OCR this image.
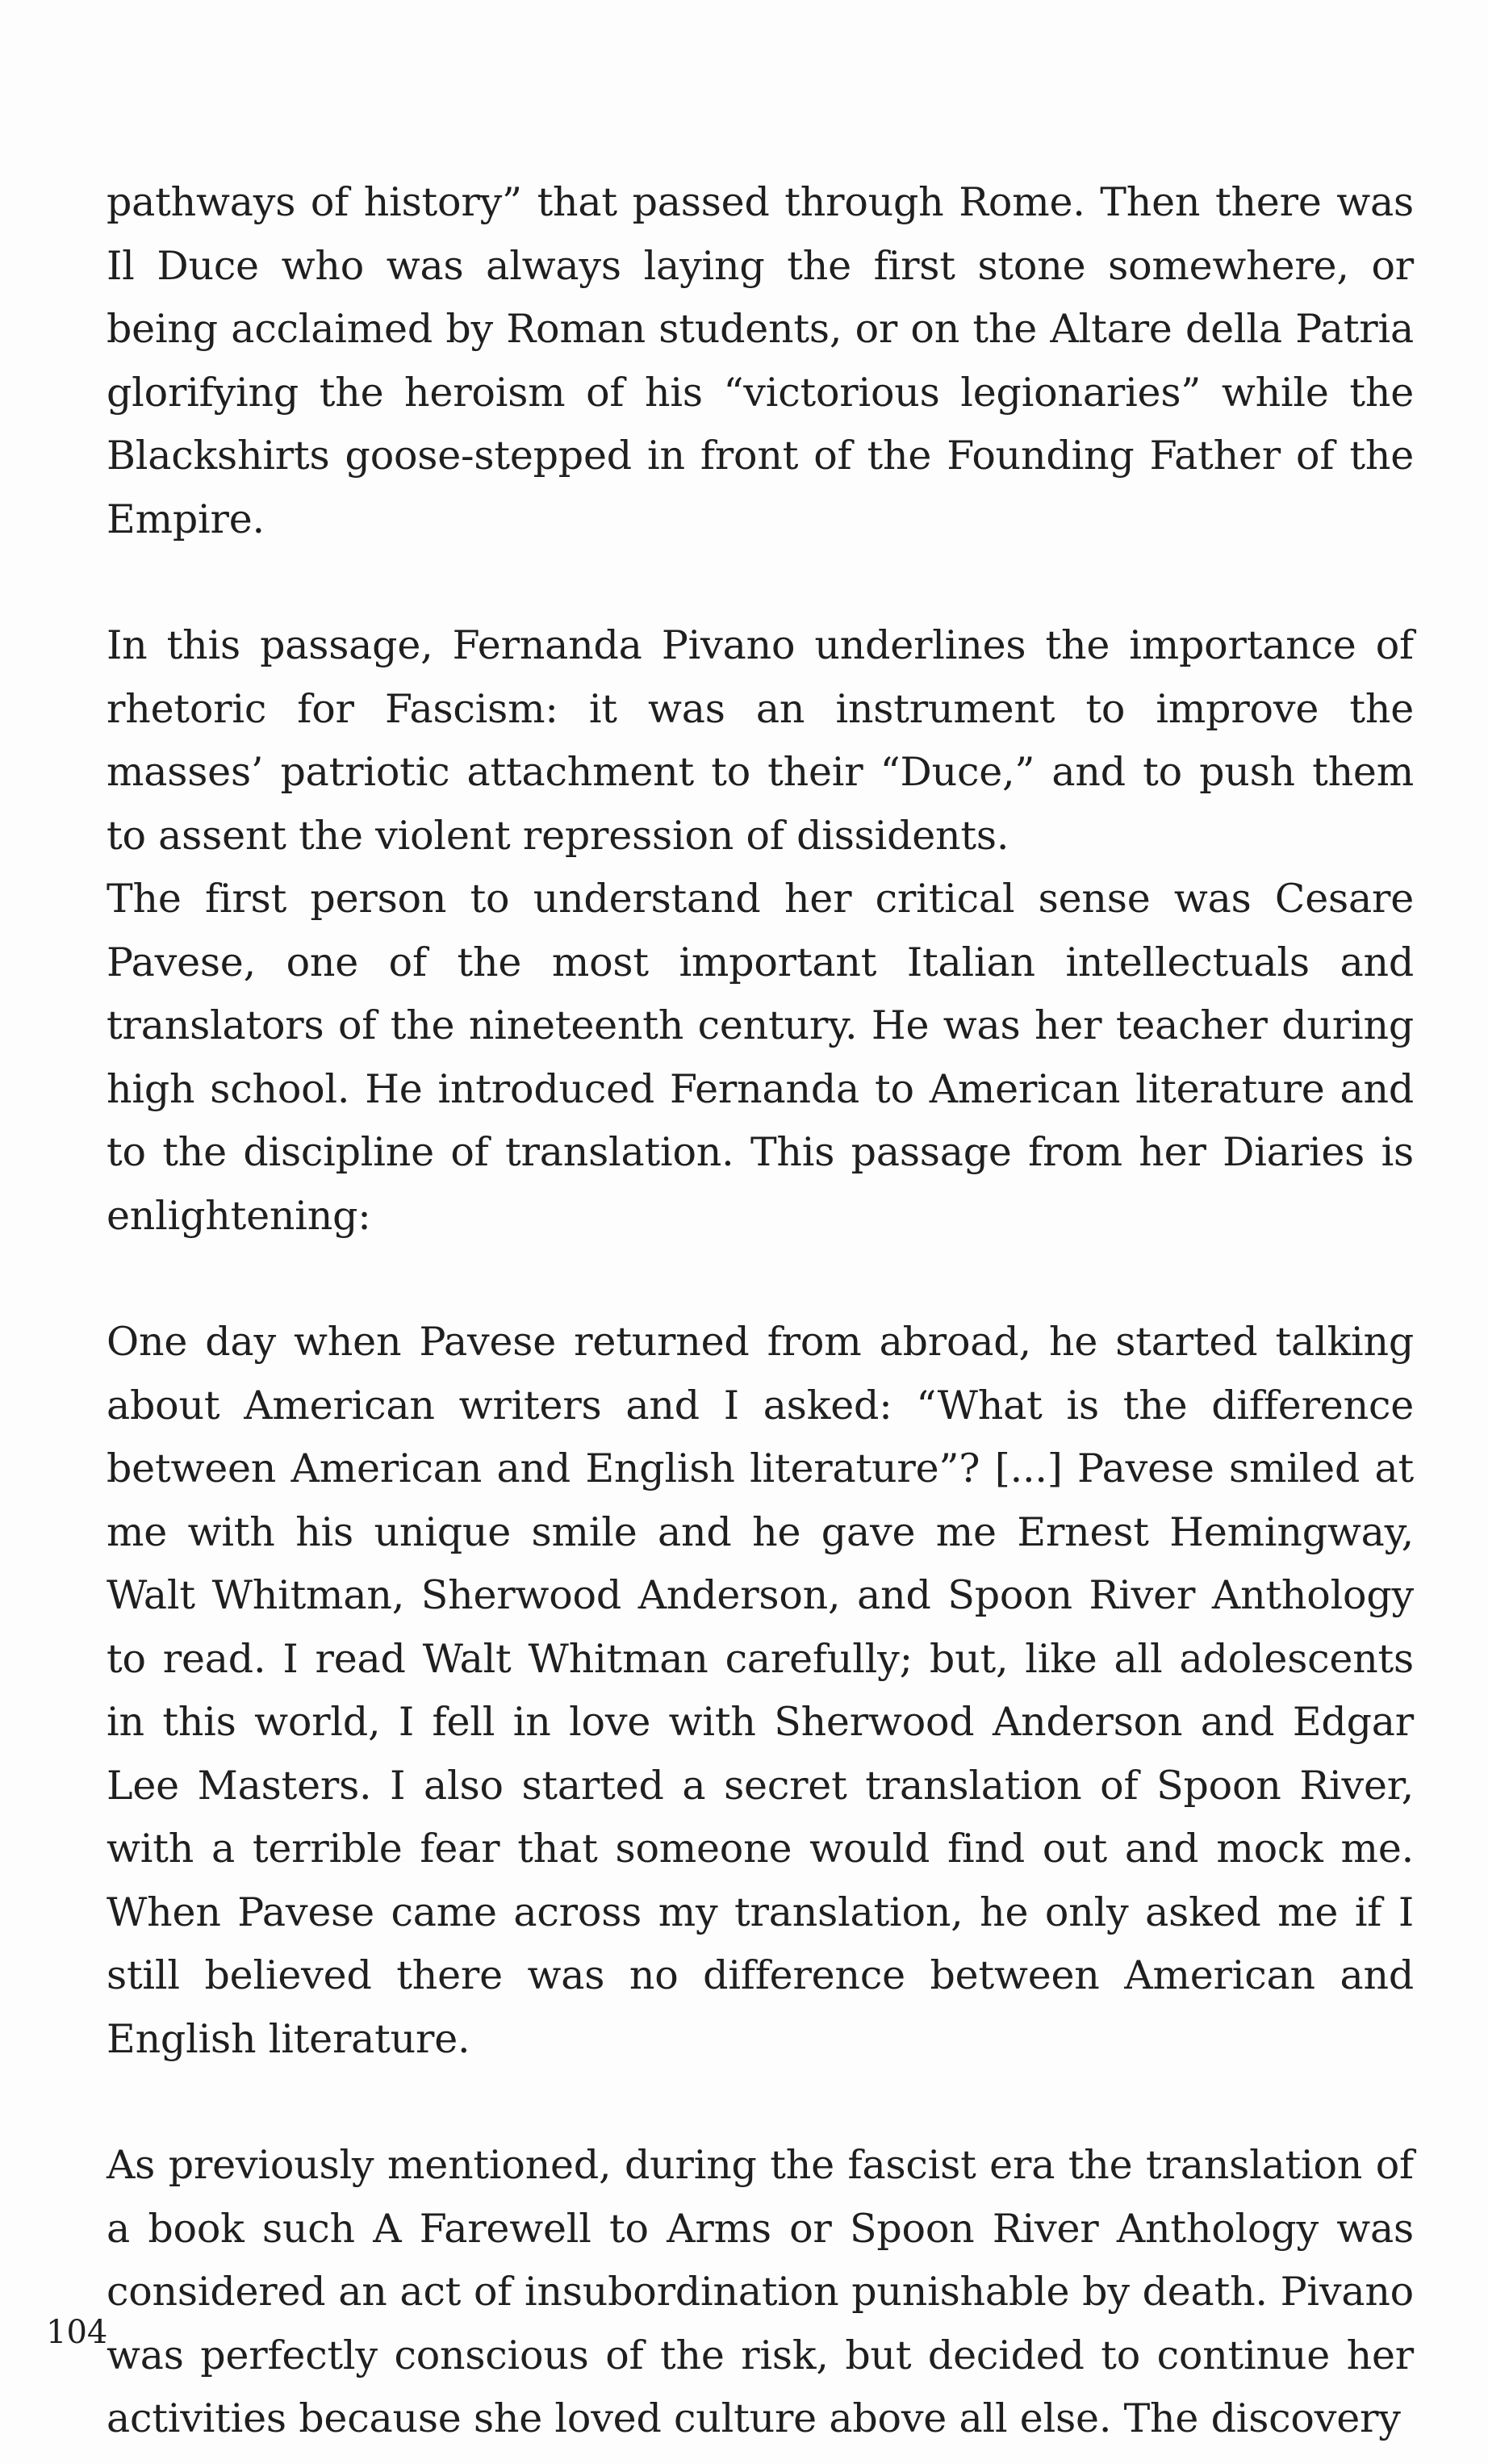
pathways of history” that passed through Rome. Then there was Il Duce who was always laying the first stone somewhere, or being acclaimed by Roman students, or on the Altare della Patria glorifying the heroism of his “victorious legionaries” while the Blackshirts goose-stepped in front of the Founding Father of the Empire.

In this passage, Fernanda Pivano underlines the importance of rhetoric for Fascism: it was an instrument to improve the masses’ patriotic attachment to their “Duce,” and to push them to assent the violent repression of dissidents.

The first person to understand her critical sense was Cesare Pavese, one of the most important Italian intellectuals and translators of the nineteenth century. He was her teacher during high school. He introduced Fernanda to American literature and to the discipline of translation. This passage from her Diaries is enlightening:

One day when Pavese returned from abroad, he started talking about American writers and I asked: “What is the difference between American and English literature”? [...] Pavese smiled at me with his unique smile and he gave me Ernest Hemingway, Walt Whitman, Sherwood Anderson, and Spoon River Anthology to read. I read Walt Whitman carefully; but, like all adolescents in this world, I fell in love with Sherwood Anderson and Edgar Lee Masters. I also started a secret translation of Spoon River, with a terrible fear that someone would find out and mock me. When Pavese came across my translation, he only asked me if I still believed there was no difference between American and English literature.

As previously mentioned, during the fascist era the translation of a book such A Farewell to Arms or Spoon River Anthology was considered an act of insubordination punishable by death. Pivano was perfectly conscious of the risk, but decided to continue her activities because she loved culture above all else. The discovery

104
